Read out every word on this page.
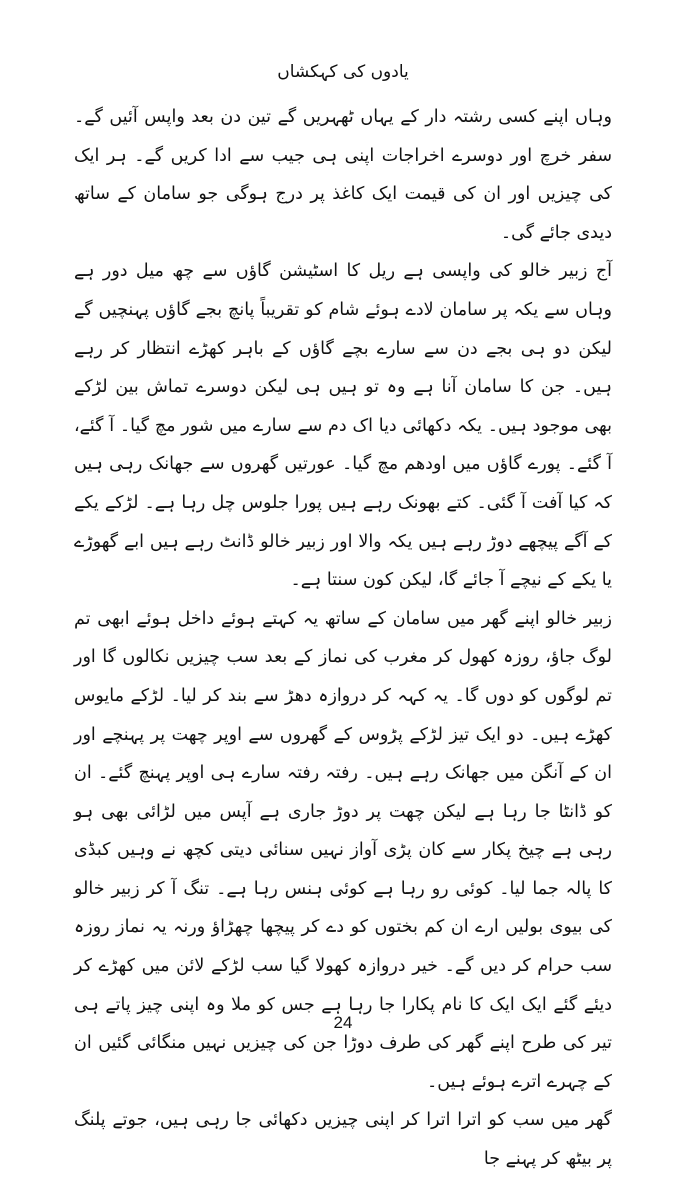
یادوں کی کہکشاں

وہاں اپنے کسی رشتہ دار کے یہاں ٹھہریں گے تین دن بعد واپس آئیں گے۔ سفر خرچ اور دوسرے اخراجات اپنی ہی جیب سے ادا کریں گے۔ ہر ایک کی چیزیں اور ان کی قیمت ایک کاغذ پر درج ہوگی جو سامان کے ساتھ دیدی جائے گی۔

آج زبیر خالو کی واپسی ہے ریل کا اسٹیشن گاؤں سے چھ میل دور ہے وہاں سے یکہ پر سامان لادے ہوئے شام کو تقریباً پانچ بجے گاؤں پہنچیں گے لیکن دو ہی بجے دن سے سارے بچے گاؤں کے باہر کھڑے انتظار کر رہے ہیں۔ جن کا سامان آنا ہے وہ تو ہیں ہی لیکن دوسرے تماش بین لڑکے بھی موجود ہیں۔ یکہ دکھائی دیا اک دم سے سارے میں شور مچ گیا۔ آ گئے، آ گئے۔ پورے گاؤں میں اودھم مچ گیا۔ عورتیں گھروں سے جھانک رہی ہیں کہ کیا آفت آ گئی۔ کتے بھونک رہے ہیں پورا جلوس چل رہا ہے۔ لڑکے یکے کے آگے پیچھے دوڑ رہے ہیں یکہ والا اور زبیر خالو ڈانٹ رہے ہیں ابے گھوڑے یا یکے کے نیچے آ جائے گا، لیکن کون سنتا ہے۔

زبیر خالو اپنے گھر میں سامان کے ساتھ یہ کہتے ہوئے داخل ہوئے ابھی تم لوگ جاؤ، روزہ کھول کر مغرب کی نماز کے بعد سب چیزیں نکالوں گا اور تم لوگوں کو دوں گا۔ یہ کہہ کر دروازہ دھڑ سے بند کر لیا۔ لڑکے مایوس کھڑے ہیں۔ دو ایک تیز لڑکے پڑوس کے گھروں سے اوپر چھت پر پہنچے اور ان کے آنگن میں جھانک رہے ہیں۔ رفتہ رفتہ سارے ہی اوپر پہنچ گئے۔ ان کو ڈانٹا جا رہا ہے لیکن چھت پر دوڑ جاری ہے آپس میں لڑائی بھی ہو رہی ہے چیخ پکار سے کان پڑی آواز نہیں سنائی دیتی کچھ نے وہیں کبڈی کا پالہ جما لیا۔ کوئی رو رہا ہے کوئی ہنس رہا ہے۔ تنگ آ کر زبیر خالو کی بیوی بولیں ارے ان کم بختوں کو دے کر پیچھا چھڑاؤ ورنہ یہ نماز روزہ سب حرام کر دیں گے۔ خیر دروازہ کھولا گیا سب لڑکے لائن میں کھڑے کر دیئے گئے ایک ایک کا نام پکارا جا رہا ہے جس کو ملا وہ اپنی چیز پاتے ہی تیر کی طرح اپنے گھر کی طرف دوڑا جن کی چیزیں نہیں منگائی گئیں ان کے چہرے اترے ہوئے ہیں۔

گھر میں سب کو اترا اترا کر اپنی چیزیں دکھائی جا رہی ہیں، جوتے پلنگ پر بیٹھ کر پہنے جا

24
